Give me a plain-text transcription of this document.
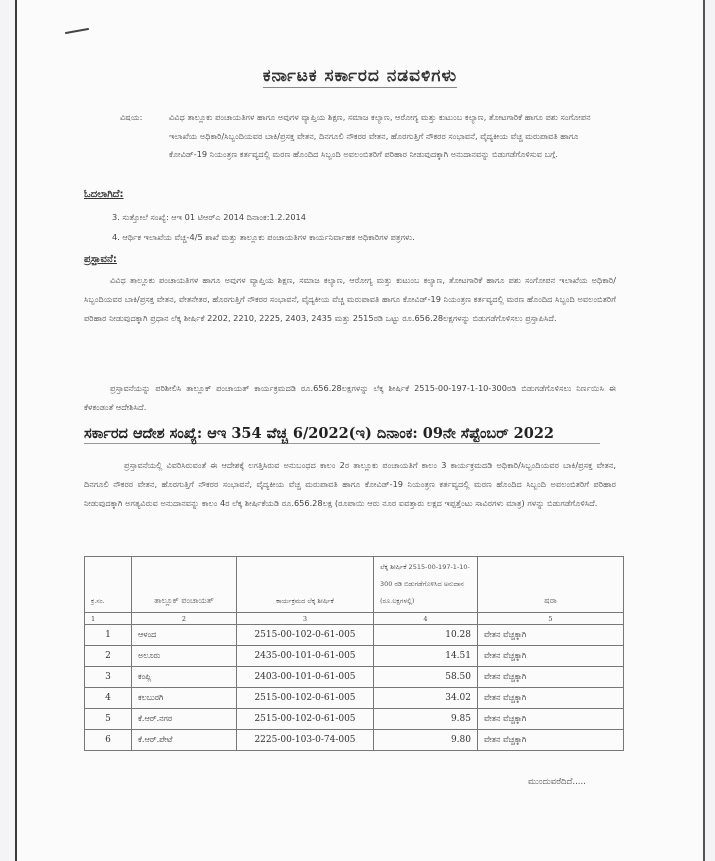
ಕರ್ನಾಟಕ ಸರ್ಕಾರದ ನಡವಳಿಗಳು
ವಿಷಯ:	ವಿವಿಧ ತಾಲ್ಲೂಕು ಪಂಚಾಯತಿಗಳ ಹಾಗೂ ಅವುಗಳ ವ್ಯಾಪ್ತಿಯ ಶಿಕ್ಷಣ, ಸಮಾಜ ಕಲ್ಯಾಣ, ಆರೋಗ್ಯ ಮತ್ತು ಕುಟುಂಬ ಕಲ್ಯಾಣ, ತೋಟಗಾರಿಕೆ ಹಾಗೂ ಪಶು ಸಂಗೋಪನ ಇಲಾಖೆಯ ಅಧಿಕಾರಿ/ಸಿಬ್ಬಂದಿಯವರ ಬಾಕಿ/ಪ್ರಸಕ್ತ ವೇತನ, ದಿನಗೂಲಿ ನೌಕರರ ವೇತನ, ಹೊರಗುತ್ತಿಗೆ ನೌಕರರ ಸಂಭಾವನೆ, ವೈದ್ಯಕೀಯ ವೆಚ್ಚ ಮರುಪಾವತಿ ಹಾಗೂ ಕೋವಿಡ್-19 ನಿಯಂತ್ರಣ ಕರ್ತವ್ಯದಲ್ಲಿ ಮರಣ ಹೊಂದಿದ ಸಿಬ್ಬಂದಿ ಅವಲಂಬಿತರಿಗೆ ಪರಿಹಾರ ನೀಡುವುದಕ್ಕಾಗಿ ಅನುದಾನವನ್ನು ಬಿಡುಗಡೆಗೊಳಿಸುವ ಬಗ್ಗೆ.
ಓದಲಾಗಿದೆ:
3. ಸುತ್ತೋಲೆ ಸಂಖ್ಯೆ: ಆಇ 01 ಟಿಆರ್‌ಎ 2014 ದಿನಾಂಕ:1.2.2014
4. ಆರ್ಥಿಕ ಇಲಾಖೆಯ ವೆಚ್ಚ-4/5 ಶಾಖೆ ಮತ್ತು ತಾಲ್ಲೂಕು ಪಂಚಾಯತಿಗಳ ಕಾರ್ಯನಿರ್ವಾಹಕ ಅಧಿಕಾರಿಗಳ ಪತ್ರಗಳು.
ಪ್ರಸ್ತಾವನೆ:
ವಿವಿಧ ತಾಲ್ಲೂಕು ಪಂಚಾಯತಿಗಳ ಹಾಗೂ ಅವುಗಳ ವ್ಯಾಪ್ತಿಯ ಶಿಕ್ಷಣ, ಸಮಾಜ ಕಲ್ಯಾಣ, ಆರೋಗ್ಯ ಮತ್ತು ಕುಟುಂಬ ಕಲ್ಯಾಣ, ತೋಟಗಾರಿಕೆ ಹಾಗೂ ಪಶು ಸಂಗೋಪನ ಇಲಾಖೆಯ ಅಧಿಕಾರಿ/ಸಿಬ್ಬಂದಿಯವರ ಬಾಕಿ/ಪ್ರಸಕ್ತ ವೇತನ, ವೇತನೇತರ, ಹೊರಗುತ್ತಿಗೆ ನೌಕರರ ಸಂಭಾವನೆ, ವೈದ್ಯಕೀಯ ವೆಚ್ಚ ಮರುಪಾವತಿ ಹಾಗೂ ಕೋವಿಡ್-19 ನಿಯಂತ್ರಣ ಕರ್ತವ್ಯದಲ್ಲಿ ಮರಣ ಹೊಂದಿದ ಸಿಬ್ಬಂದಿ ಅವಲಂಬಿತರಿಗೆ ಪರಿಹಾರ ನೀಡುವುದಕ್ಕಾಗಿ ಪ್ರಧಾನ ಲೆಕ್ಕ ಶೀರ್ಷಿಕೆ 2202, 2210, 2225, 2403, 2435 ಮತ್ತು 2515ರಡಿ ಒಟ್ಟು ರೂ.656.28ಲಕ್ಷಗಳನ್ನು ಬಿಡುಗಡೆಗೊಳಿಸಲು ಪ್ರಸ್ತಾಪಿಸಿದೆ.
ಪ್ರಸ್ತಾವನೆಯನ್ನು ಪರಿಶೀಲಿಸಿ ತಾಲ್ಲೂಕ್ ಪಂಚಾಯತ್ ಕಾರ್ಯಕ್ರಮದಡಿ ರೂ.656.28ಲಕ್ಷಗಳನ್ನು ಲೆಕ್ಕ ಶೀರ್ಷಿಕೆ 2515-00-197-1-10-300ರಡಿ ಬಿಡುಗಡೆಗೊಳಿಸಲು ನಿರ್ಣಯಿಸಿ ಈ ಕೆಳಕಂಡಂತೆ ಆದೇಶಿಸಿದೆ.
ಸರ್ಕಾರದ ಆದೇಶ ಸಂಖ್ಯೆ: ಆಇ 354 ವೆಚ್ಚ 6/2022(ಇ) ದಿನಾಂಕ: 09ನೇ ಸೆಪ್ಟೆಂಬರ್ 2022
ಪ್ರಸ್ತಾವನೆಯಲ್ಲಿ ವಿವರಿಸಿರುವಂತೆ ಈ ಆದೇಶಕ್ಕೆ ಲಗತ್ತಿಸಿರುವ ಅನುಬಂಧದ ಕಾಲಂ 2ರ ತಾಲ್ಲೂಕು ಪಂಚಾಯತಿಗೆ ಕಾಲಂ 3 ಕಾರ್ಯಕ್ರಮದಡಿ ಅಧಿಕಾರಿ/ಸಿಬ್ಬಂದಿಯವರ ಬಾಕಿ/ಪ್ರಸಕ್ತ ವೇತನ, ದಿನಗೂಲಿ ನೌಕರರ ವೇತನ, ಹೊರಗುತ್ತಿಗೆ ನೌಕರರ ಸಂಭಾವನೆ, ವೈದ್ಯಕೀಯ ವೆಚ್ಚ ಮರುಪಾವತಿ ಹಾಗೂ ಕೋವಿಡ್-19 ನಿಯಂತ್ರಣ ಕರ್ತವ್ಯದಲ್ಲಿ ಮರಣ ಹೊಂದಿದ ಸಿಬ್ಬಂದಿ ಅವಲಂಬಿತರಿಗೆ ಪರಿಹಾರ ನೀಡುವುದಕ್ಕಾಗಿ ಅಗತ್ಯವಿರುವ ಅನುದಾನವನ್ನು ಕಾಲಂ 4ರ ಲೆಕ್ಕ ಶೀರ್ಷಿಕೆಯಡಿ ರೂ.656.28ಲಕ್ಷ (ರೂಪಾಯಿ ಆರು ನೂರ ಐವತ್ತಾರು ಲಕ್ಷದ ಇಪ್ಪತ್ತೆಂಟು ಸಾವಿರಗಳು ಮಾತ್ರ) ಗಳನ್ನು ಬಿಡುಗಡೆಗೊಳಿಸಿದೆ.
ಕ್ರ.ಸಂ.	ತಾಲ್ಲೂಕ್ ಪಂಚಾಯತ್	ಕಾರ್ಯಕ್ರಮದ ಲೆಕ್ಕ ಶೀರ್ಷಿಕೆ	ಲೆಕ್ಕ ಶೀರ್ಷಿಕೆ 2515-00-197-1-10-300 ರಡಿ ಬಿಡುಗಡೆಗೊಳಿಸಿದ ಅನುದಾನ (ರೂ.ಲಕ್ಷಗಳಲ್ಲಿ)	ಷರಾ
1	2	3	4	5
1	ಆಳಂದ	2515-00-102-0-61-005	10.28	ವೇತನ ವೆಚ್ಚಕ್ಕಾಗಿ
2	ಅಲೂರು	2435-00-101-0-61-005	14.51	ವೇತನ ವೆಚ್ಚಕ್ಕಾಗಿ
3	ಕಂಪ್ಲಿ	2403-00-101-0-61-005	58.50	ವೇತನ ವೆಚ್ಚಕ್ಕಾಗಿ
4	ಕಲಬುರಗಿ	2515-00-102-0-61-005	34.02	ವೇತನ ವೆಚ್ಚಕ್ಕಾಗಿ
5	ಕೆ.ಆರ್.ನಗರ	2515-00-102-0-61-005	9.85	ವೇತನ ವೆಚ್ಚಕ್ಕಾಗಿ
6	ಕೆ.ಆರ್.ಪೇಟೆ	2225-00-103-0-74-005	9.80	ವೇತನ ವೆಚ್ಚಕ್ಕಾಗಿ
ಮುಂದುವರೆದಿದೆ.....
